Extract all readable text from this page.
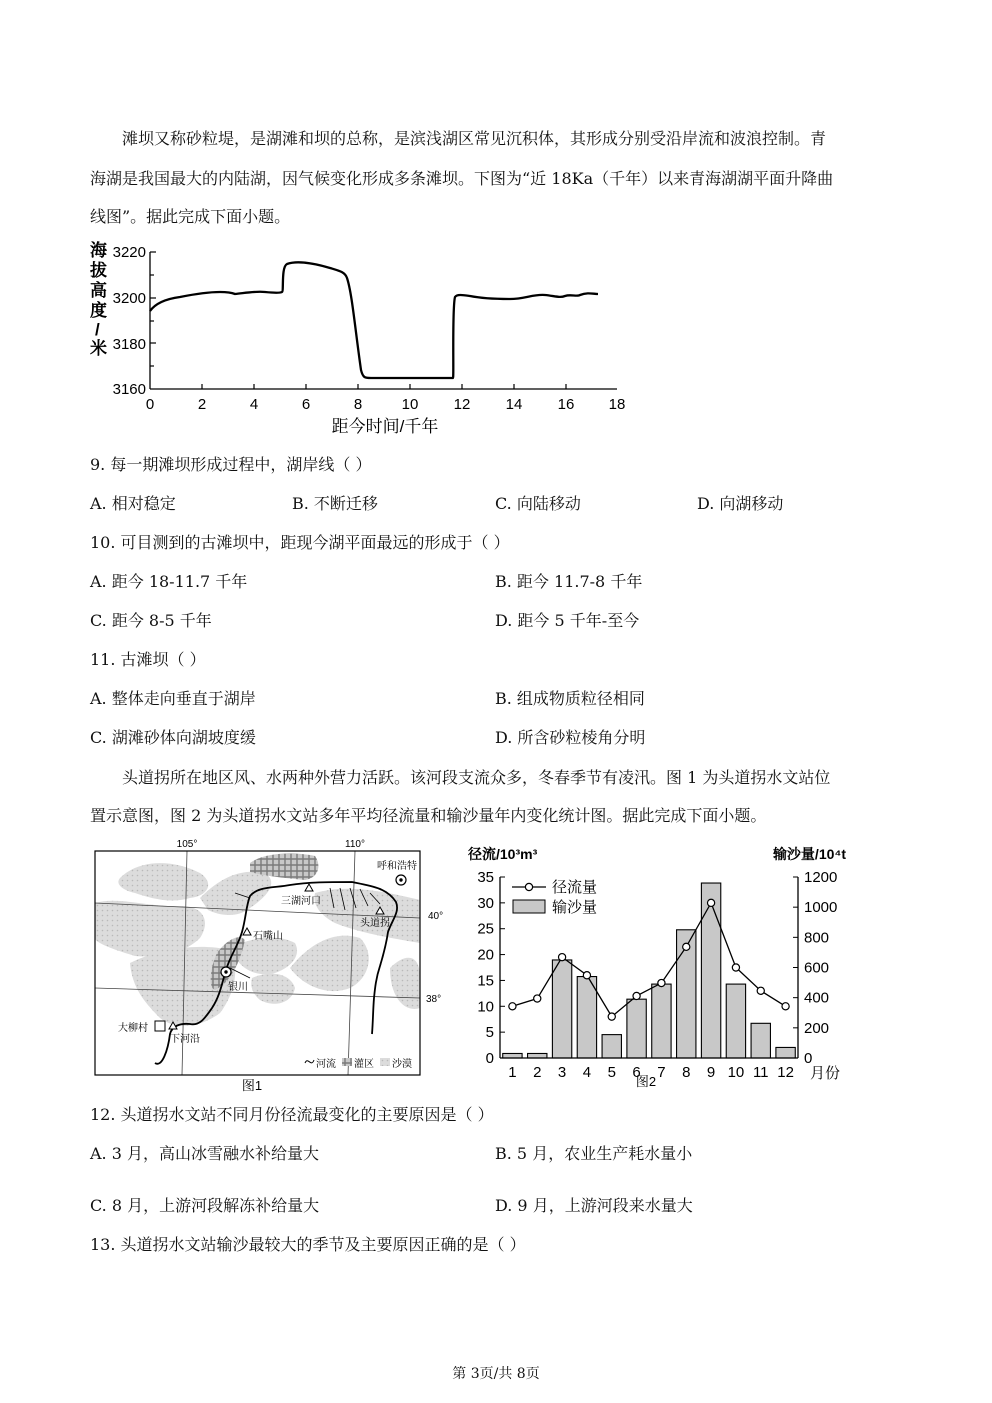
滩坝又称砂粒堤，是湖滩和坝的总称，是滨浅湖区常见沉积体，其形成分别受沿岸流和波浪控制。青
海湖是我国最大的内陆湖，因气候变化形成多条滩坝。下图为“近 18Ka（千年）以来青海湖湖平面升降曲
线图”。据此完成下面小题。
海
拔
高
度
/
米
3220
3200
3180
3160
0	2	4	6	8	10 12 14 16 18
距今时间/千年
9. 每一期滩坝形成过程中，湖岸线（ ）
A. 相对稳定	B. 不断迁移	C. 向陆移动	D. 向湖移动
10. 可目测到的古滩坝中，距现今湖平面最远的形成于（ ）
A. 距今 18-11.7 千年	B. 距今 11.7-8 千年
C. 距今 8-5 千年	D. 距今 5 千年-至今
11. 古滩坝（ ）
A. 整体走向垂直于湖岸	B. 组成物质粒径相同
C. 湖滩砂体向湖坡度缓	D. 所含砂粒棱角分明
头道拐所在地区风、水两种外营力活跃。该河段支流众多，冬春季节有凌汛。图 1 为头道拐水文站位
置示意图，图 2 为头道拐水文站多年平均径流量和输沙量年内变化统计图。据此完成下面小题。
105°	110°
40°
38°
呼和浩特
三湖河口
头道拐
石嘴山
银川
下河沿
大柳村
河流 灌区 沙漠
图1
径流/10³m³	输沙量/10⁴t
月份
图2
0
5
10
15
20
25
30
35
0
200
400
600
800
1000
1200
1 2 3 4 5 6 7 8 9 10 11 12
径流量
输沙量
12. 头道拐水文站不同月份径流最变化的主要原因是（ ）
A. 3 月，高山冰雪融水补给量大	B. 5 月，农业生产耗水量小
C. 8 月，上游河段解冻补给量大	D. 9 月，上游河段来水量大
13. 头道拐水文站输沙最较大的季节及主要原因正确的是（ ）
第 3页/共 8页
